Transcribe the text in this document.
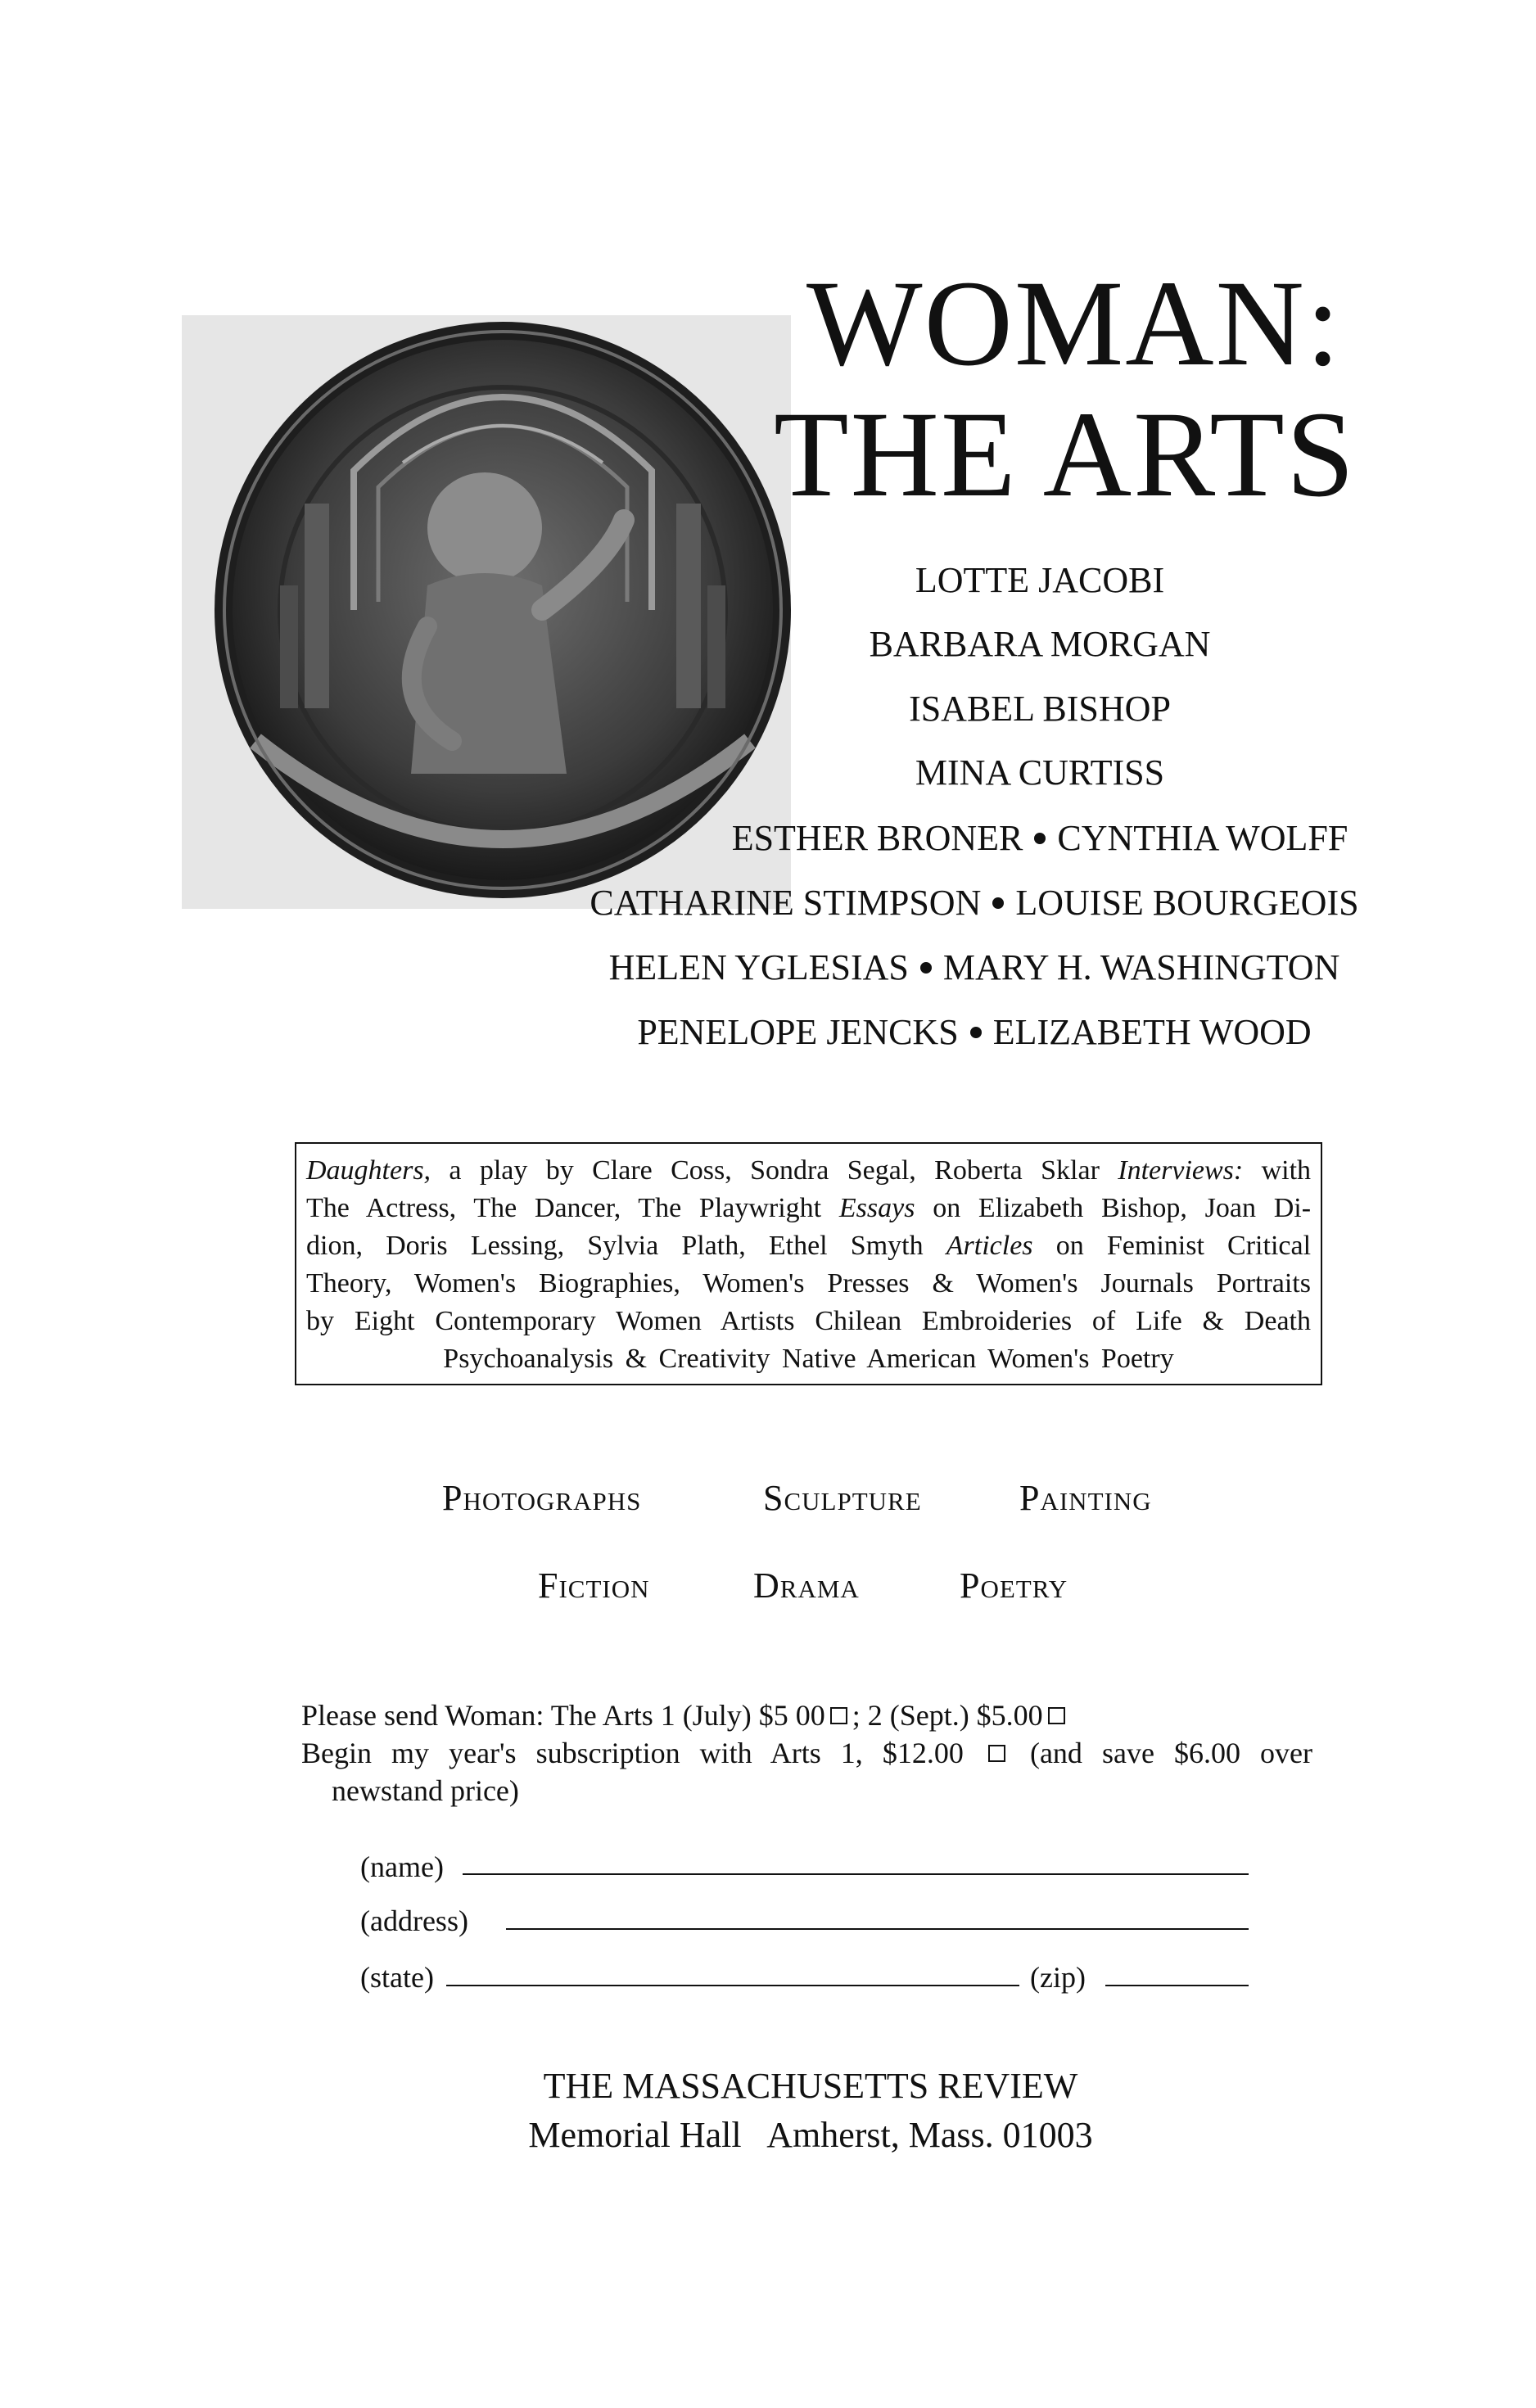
WOMAN:
THE ARTS
LOTTE JACOBI
BARBARA MORGAN
ISABEL BISHOP
MINA CURTISS
ESTHER BRONER CYNTHIA WOLFF
CATHARINE STIMPSON LOUISE BOURGEOIS
HELEN YGLESIAS MARY H. WASHINGTON
PENELOPE JENCKS ELIZABETH WOOD
Daughters, a play by Clare Coss, Sondra Segal, Roberta Sklar Interviews: with
The Actress, The Dancer, The Playwright Essays on Elizabeth Bishop, Joan Di-
dion, Doris Lessing, Sylvia Plath, Ethel Smyth Articles on Feminist Critical
Theory, Women's Biographies, Women's Presses & Women's Journals Portraits
by Eight Contemporary Women Artists Chilean Embroideries of Life & Death
Psychoanalysis & Creativity Native American Women's Poetry
Photographs	Sculpture	Painting
Fiction	Drama	Poetry
Please send Woman: The Arts 1 (July) $5 00 ; 2 (Sept.) $5.00
Begin my year's subscription with Arts 1, $12.00 (and save $6.00 over
newstand price)
(name)
(address)
(state)	(zip)
THE MASSACHUSETTS REVIEW
Memorial Hall   Amherst, Mass. 01003
